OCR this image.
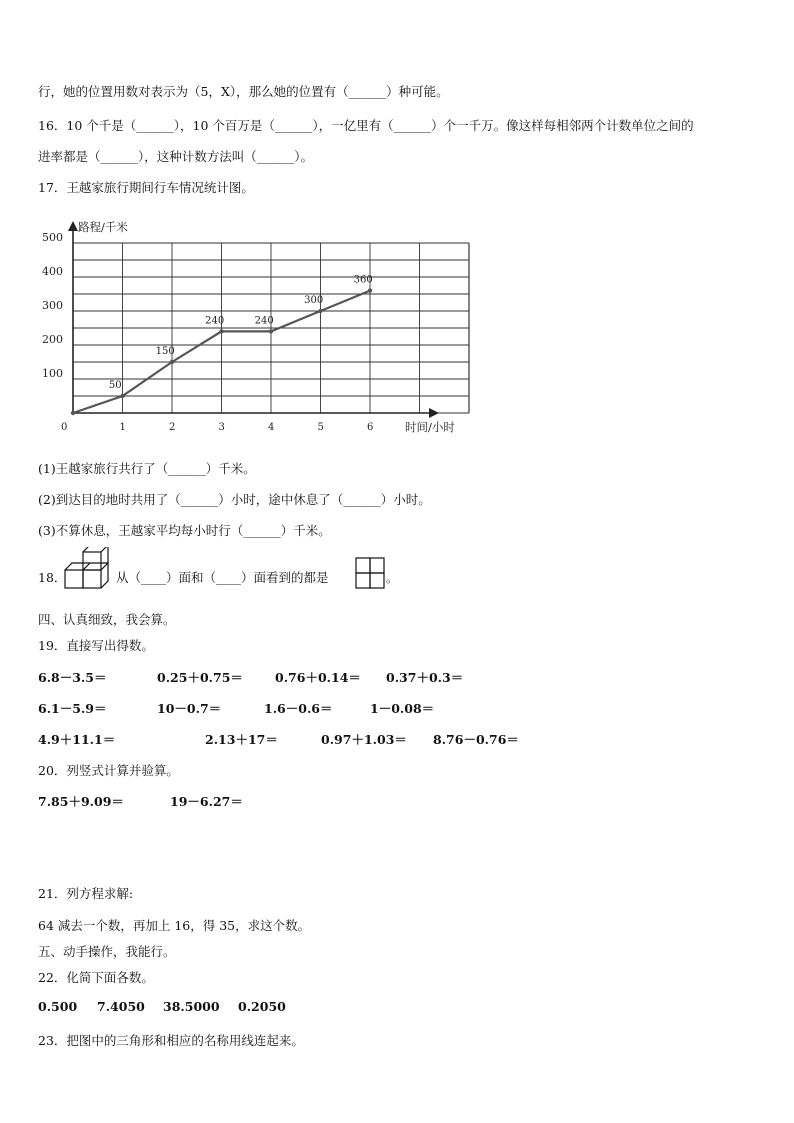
行，她的位置用数对表示为（5，X），那么她的位置有（______）种可能。
16．10 个千是（______），10 个百万是（______），一亿里有（______）个一千万。像这样每相邻两个计数单位之间的
进率都是（______），这种计数方法叫（______）。
17．王越家旅行期间行车情况统计图。
0	1	2	3	4	5	6
100
200
300
400
500
50
150
240	240
300
360
路程/千米
时间/小时
(1)王越家旅行共行了（______）千米。
(2)到达目的地时共用了（______）小时，途中休息了（______）小时。
(3)不算休息，王越家平均每小时行（______）千米。
18．	从（____）面和（____）面看到的都是	。
四、认真细致，我会算。
19．直接写出得数。
6.8－3.5＝	0.25＋0.75＝	0.76＋0.14＝ 0.37＋0.3＝
6.1－5.9＝	10－0.7＝	1.6－0.6＝	1－0.08＝
4.9＋11.1＝	2.13＋17＝	0.97＋1.03＝ 8.76－0.76＝
20．列竖式计算并验算。
7.85＋9.09＝	19－6.27＝
21．列方程求解:
64 减去一个数，再加上 16，得 35，求这个数。
五、动手操作，我能行。
22．化简下面各数。
0.500 7.4050 38.5000 0.2050
23．把图中的三角形和相应的名称用线连起来。
